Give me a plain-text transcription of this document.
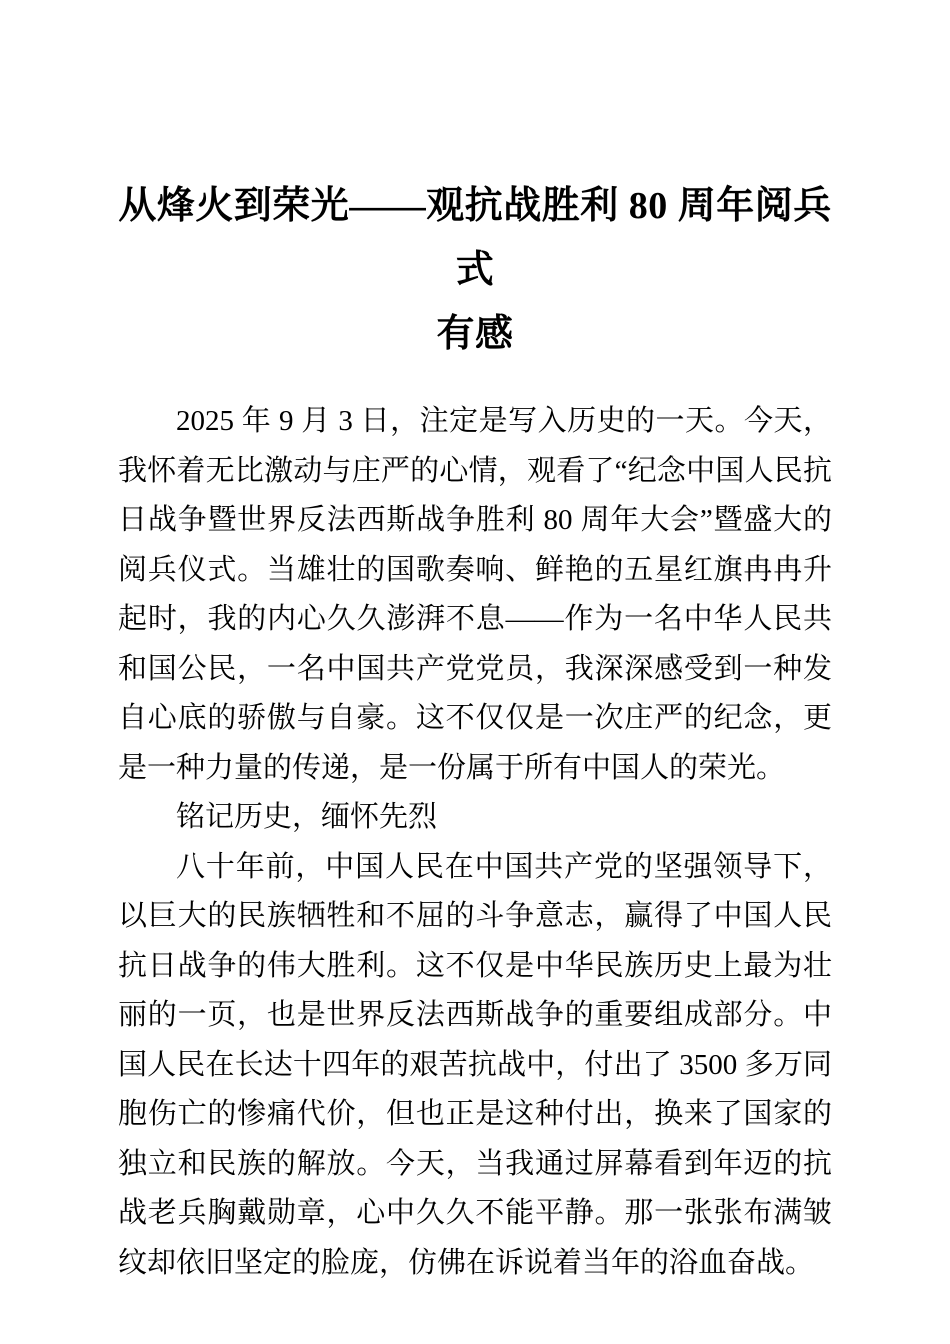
从烽火到荣光——观抗战胜利 80 周年阅兵式
有感

2025 年 9 月 3 日，注定是写入历史的一天。今天，我怀着无比激动与庄严的心情，观看了“纪念中国人民抗日战争暨世界反法西斯战争胜利 80 周年大会”暨盛大的阅兵仪式。当雄壮的国歌奏响、鲜艳的五星红旗冉冉升起时，我的内心久久澎湃不息——作为一名中华人民共和国公民，一名中国共产党党员，我深深感受到一种发自心底的骄傲与自豪。这不仅仅是一次庄严的纪念，更是一种力量的传递，是一份属于所有中国人的荣光。

铭记历史，缅怀先烈

八十年前，中国人民在中国共产党的坚强领导下，以巨大的民族牺牲和不屈的斗争意志，赢得了中国人民抗日战争的伟大胜利。这不仅是中华民族历史上最为壮丽的一页，也是世界反法西斯战争的重要组成部分。中国人民在长达十四年的艰苦抗战中，付出了 3500 多万同胞伤亡的惨痛代价，但也正是这种付出，换来了国家的独立和民族的解放。今天，当我通过屏幕看到年迈的抗战老兵胸戴勋章，心中久久不能平静。那一张张布满皱纹却依旧坚定的脸庞，仿佛在诉说着当年的浴血奋战。
